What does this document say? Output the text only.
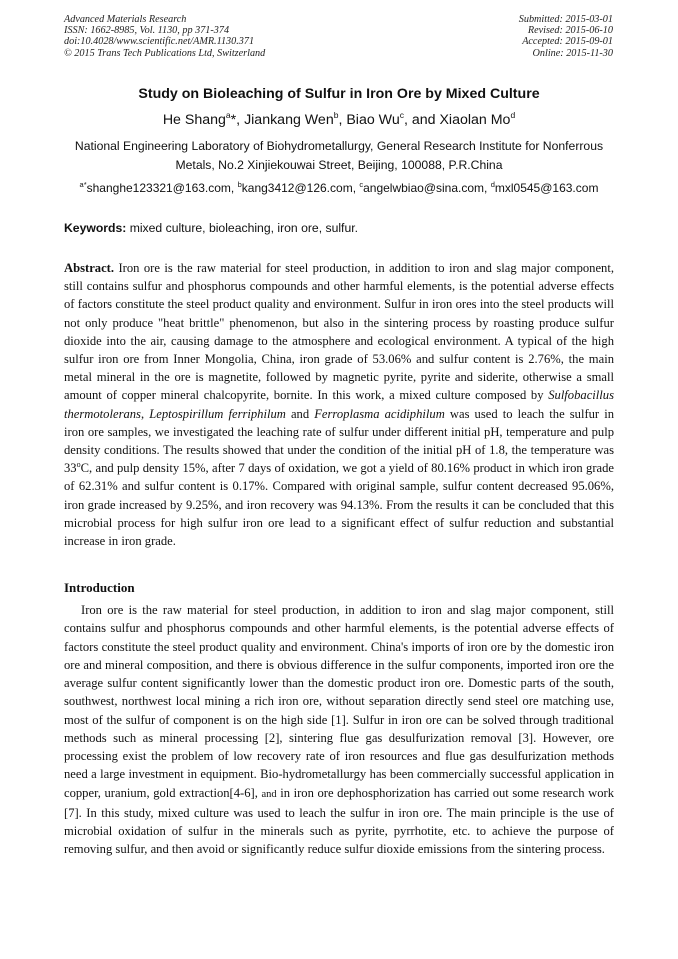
Advanced Materials Research
ISSN: 1662-8985, Vol. 1130, pp 371-374
doi:10.4028/www.scientific.net/AMR.1130.371
© 2015 Trans Tech Publications Ltd, Switzerland
Submitted: 2015-03-01
Revised: 2015-06-10
Accepted: 2015-09-01
Online: 2015-11-30
Study on Bioleaching of Sulfur in Iron Ore by Mixed Culture
He Shang$^a$*, Jiankang Wen$^b$, Biao Wu$^c$, and Xiaolan Mo$^d$
National Engineering Laboratory of Biohydrometallurgy, General Research Institute for Nonferrous Metals, No.2 Xinjiekouwai Street, Beijing, 100088, P.R.China
$^{a*}$shanghe123321@163.com, $^b$kang3412@126.com, $^c$angelwbiao@sina.com, $^d$mxl0545@163.com
Keywords: mixed culture, bioleaching, iron ore, sulfur.
Abstract. Iron ore is the raw material for steel production, in addition to iron and slag major component, still contains sulfur and phosphorus compounds and other harmful elements, is the potential adverse effects of factors constitute the steel product quality and environment. Sulfur in iron ores into the steel products will not only produce "heat brittle" phenomenon, but also in the sintering process by roasting produce sulfur dioxide into the air, causing damage to the atmosphere and ecological environment. A typical of the high sulfur iron ore from Inner Mongolia, China, iron grade of 53.06% and sulfur content is 2.76%, the main metal mineral in the ore is magnetite, followed by magnetic pyrite, pyrite and siderite, otherwise a small amount of copper mineral chalcopyrite, bornite. In this work, a mixed culture composed by Sulfobacillus thermotolerans, Leptospirillum ferriphilum and Ferroplasma acidiphilum was used to leach the sulfur in iron ore samples, we investigated the leaching rate of sulfur under different initial pH, temperature and pulp density conditions. The results showed that under the condition of the initial pH of 1.8, the temperature was 33$^o$C, and pulp density 15%, after 7 days of oxidation, we got a yield of 80.16% product in which iron grade of 62.31% and sulfur content is 0.17%. Compared with original sample, sulfur content decreased 95.06%, iron grade increased by 9.25%, and iron recovery was 94.13%. From the results it can be concluded that this microbial process for high sulfur iron ore lead to a significant effect of sulfur reduction and substantial increase in iron grade.
Introduction
Iron ore is the raw material for steel production, in addition to iron and slag major component, still contains sulfur and phosphorus compounds and other harmful elements, is the potential adverse effects of factors constitute the steel product quality and environment. China's imports of iron ore by the domestic iron ore and mineral composition, and there is obvious difference in the sulfur components, imported iron ore the average sulfur content significantly lower than the domestic product iron ore. Domestic parts of the south, southwest, northwest local mining a rich iron ore, without separation directly send steel ore matching use, most of the sulfur of component is on the high side [1]. Sulfur in iron ore can be solved through traditional methods such as mineral processing [2], sintering flue gas desulfurization removal [3]. However, ore processing exist the problem of low recovery rate of iron resources and flue gas desulfurization methods need a large investment in equipment. Bio-hydrometallurgy has been commercially successful application in copper, uranium, gold extraction[4-6], and in iron ore dephosphorization has carried out some research work [7]. In this study, mixed culture was used to leach the sulfur in iron ore. The main principle is the use of microbial oxidation of sulfur in the minerals such as pyrite, pyrrhotite, etc. to achieve the purpose of removing sulfur, and then avoid or significantly reduce sulfur dioxide emissions from the sintering process.
